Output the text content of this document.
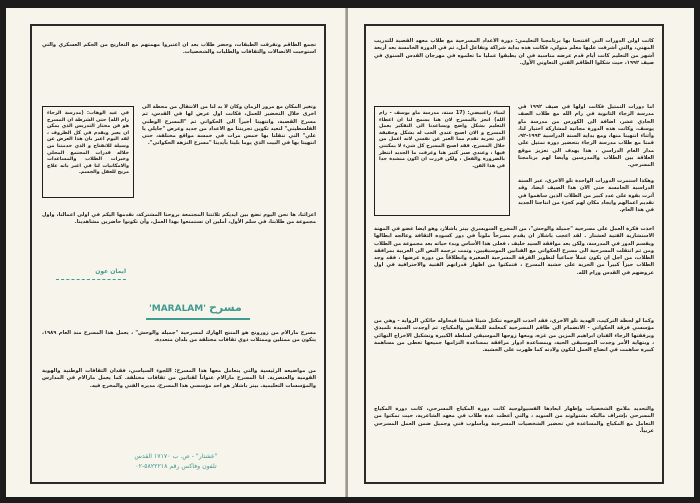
تجمع الطاقم وتفرقت الطبقات، وحضر طلاب بعد أن اعتبروا مهمتهم مع التعاريج من الحكم العسكري والتي استوجبت الاتصالات والثقافات والطلبات والشخصيات.

في عيد الوهاب: (مدرسة الرجاء رام الله) حتى الشرطة ان المسرح هو فن مختار التدريس الذي يمكن ان يعبر ويقدم في كل الظروف ، لقد اليوم اعبر بان هذا العرض عن وسيلة للانفتاح و الذي خدمتنا من خلاله قدرات المجتمع المحلي وخبرات الطلاب والمساعدات والامكانيات لنا في اعبر بانه علاج مريح للعقل والجسم.

وتغير المكان مع مرور الزمان وكان لا بد لنا من الانتقال من محطة الى اخرى خلال التحضير للعمل، فكانت اول عرض لها في القدس، ثم مسرح القصبة، وانتهينا أخيراً الى الحكواتي ثم "المسرح الوطني الفلسطيني" لتعيد تكوين تجربتنا مع الاعداد من جديد وعرض "جايلي يا علي" التي تنقلنا بها خمس مرات في خمسة مواقع مختلفة، حتى انتهينا بها في البيت الذي يوما بلينا بأيدينا "مسرح النزهة الحكواتي".

أعزائنا، ها نحن اليوم نضع بين أيديكم ثلاثتنا المجتمعة بروحنا المشتركة، نقدمها اليكم في أولى اعمالنا، وأول مجموعة من طلابنا، في سلم الأول، أملين ان تستمتعوا بهذا العمل، وأن تكونوا حاضرين مشاهدينا.

ايمان عون
'MARALAM' مسرح

مسرح مارالام من زورونخ هو المنتج الهارك لمسرحية "جميلة والوحش" ، يعمل هذا المسرح منذ العام ١٩٨٩، يتكون من ممثلين وممثلات ذوي ثقافات مختلفة من بلدان متعددة.

من مواضيعه الرئيسية والتي يتعامل معها هذا المسرح: اللجوء السياسي، فقدان الثقافات الوطنية والهوية القومية والعنصرية. انا المسرح مارالام عنواناً لقناتين من ثقافات مختلفة. كما يعمل مارالام في المدارس والمؤسسات التعليمية. بيتر باشلار هو احد مؤسسي هذا المسرح، مديره الفني والمخرج فيه.

"عشتار" - ص. ب ١٧١٧٠ القدس
تلفون وفاكس رقم ٥٨٢٢٢١٨-٠٢

كانت أولى الدورات التي افتتحنا بها برنامجنا التعليمي: دورة الاعداد المسرحية مع طلاب معهد القصبة للتدريب المهني، والتي أشرفت عليها معلم متولي، فكانت هذه بداية شراكة وتفاعل أمل، ثم في الدورة الخامسة بعد أربعة أشهر من التعليم كانت أيام قدم عرضه مناسبة في ان يطبقوا عمليا ما تعلموه في مهرجان القدس السنوي في صيف ١٩٩٢، حيث شكلوا الطاقم الفني التعاوني الأول.

لمياء راغبيضي: (17 سنة، مدرسة ماو يوسف - رام الله) انجز بالمسرح لان هنا يسمح لنا ان اعطاء التعليم بشكل واضح ويساعدنا الى التفكير بعمل المسرح و الان اصبح عندي الحب له بشكل وحقيقة الى تجربة تقدم مما العبر عن نفسي لانه اعمل من خلال المسرح. فقد اصبح المسرح كل شيء لا يمكنني فيها ، وعندي صبر كثير هنا وعرفت ما الجديد انتظر بالضرورة والفعل ، ولكن قررت ان اكون منشدة جدا في هذا الفن.

اما دورات التمثيل فكانت أولها في صيف ١٩٩٢ في مدرسة الرجاء الثانوية في رام الله مع طلاب الصف الحادي عشر، اضافة الى الكورس من مدرسة ماو يوسف، وكانت هذه الدورة مجانية لمشاركة اختيار لنا، وأثناء انتهينا منها، ومع بداية السنة الدراسية ١٩٩٣-٩٢، قمنا مع طلاب مدرسة الرجاء بتحضير دورة تمثيل على مدار العام الدراسي ، هذا يهدف الى تعزيز موقع العلاقة بين الطلاب والمدرسين وأيضا لهم برنامجنا المسرحي.

وهكذا استمرت الدورات الواحدة تلو الأخرى، عبر السنة الدراسية الخامسة حتى الان هذا الصيف ايضا، وقد أثرت بقوة على عدد كبير من الطلاب الذين ساهموا في تقديم اعمالهم وايجاد مكان لهم كجزء من انتاجنا الجديد في هذا العام.

أخذت فكرة العمل على مسرحية "جميلة والوحش"، من المخرج السويسري بيتر باشلار، وهو ايضا عضو في المهنة الاستشارية الفنية لعشتار . لقد اعجب باشلار ان يقدم مسرحاً ملوناً في دور كسوده الثقافة وعالجه ابطالها ويقسم الدور في المدرسة، ولكن بعد موافقة السيد خليف ، فعلى هذا الأساس وبدء حياته بعد مجموعة من الطلاب ومن ثم انتقلت المسرحية الى مسرح الحكواتي مع الفنانين الموسيقيين، وتمت ترجمة النص الى العربية بمرافقة الطلاب، من اجل ان يكون عملاً جماعياً لتطوير الفرقة المسرحية الصغيرة وانطلاقاً من دورة عرضها ، فقد وجد الطلاب حيزاً كبيراً من الحرية على خشبة المسرح ، فتمكنوا من اظهار قدراتهم الفنية والاحترافية في اول عروضهم في القدس ورام الله.

وكما لو لحظة التركيب، الهدية تلو الآخرى، فقد أخذت الوجوه تنكتل شيئا فشيئاً فيحاوله حائکي الرواية - وهي من مؤسسي فرقة الحكواتي - الانضمام الى طاقم المسرحية كمعلمة للملابس والمكياج، ثم أوجدت السيدة تلميذي وبرفقتها الرجاء الفنان ابراهيم المزين من غزة، ومعها زوجها الموسيقي لسلطة الكبيرة وتشكيل الاخراج النهائي ، وبنهاية الأمر وجدت الموسيقى الحية، وبمساعدة ادوار مرافقة بمساعدة التزامها جميعها تعطى من مساهمة كبيرة ساهمت في انضاج العمل لتكون ولادته كما ظهرت على الخشبة.

والتحديد ملامح الشخصيات وإظهار ابعادها الفسيولوجية كانت دورة المكياج المسرحي، كانت دورة المكياج المسرحي بإشراف ماليكه بشتولوند من السويد ، والتي أعطت عدة طلاب في معهد الشاعرية، حيث تمكنوا من التعامل مع المكياج والمساعدة في تحضير الشخصيات المسرحية وبأسلوب فني وجميل ضمن العمل المسرحي عربياً.
